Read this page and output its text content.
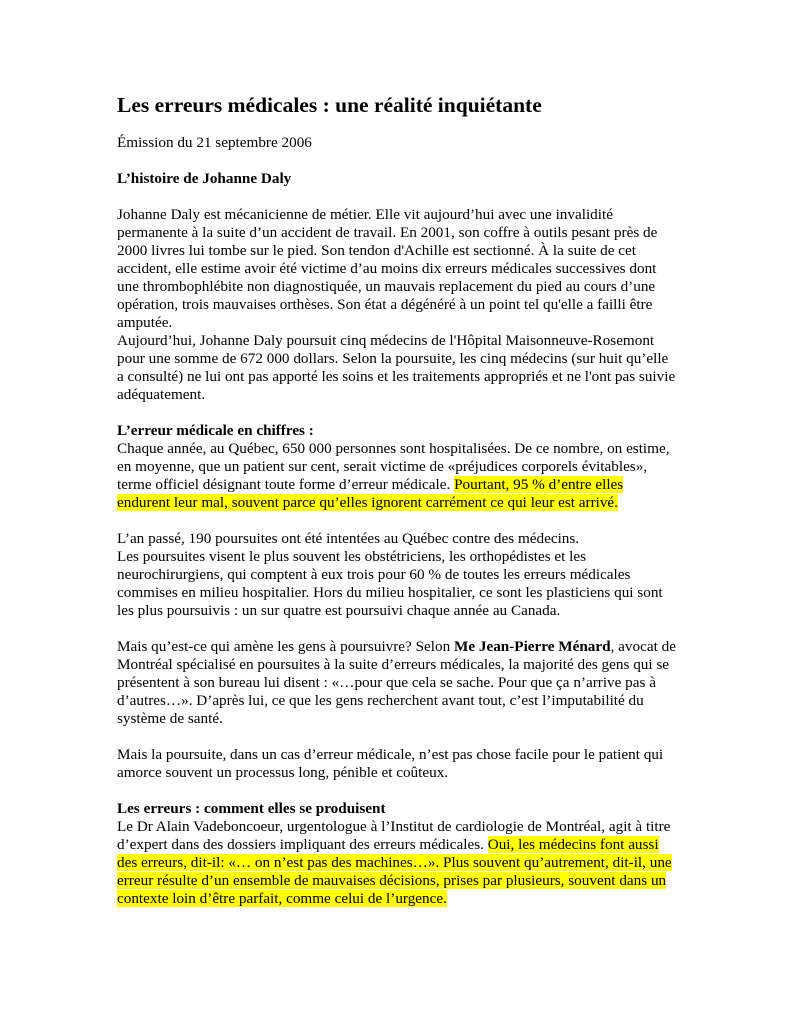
Les erreurs médicales : une réalité inquiétante

Émission du 21 septembre 2006

L’histoire de Johanne Daly

Johanne Daly est mécanicienne de métier. Elle vit aujourd’hui avec une invalidité permanente à la suite d’un accident de travail. En 2001, son coffre à outils pesant près de 2000 livres lui tombe sur le pied. Son tendon d'Achille est sectionné. À la suite de cet accident, elle estime avoir été victime d’au moins dix erreurs médicales successives dont une thrombophlébite non diagnostiquée, un mauvais replacement du pied au cours d’une opération, trois mauvaises orthèses. Son état a dégénéré à un point tel qu'elle a failli être amputée.

Aujourd’hui, Johanne Daly poursuit cinq médecins de l'Hôpital Maisonneuve-Rosemont pour une somme de 672 000 dollars. Selon la poursuite, les cinq médecins (sur huit qu’elle a consulté) ne lui ont pas apporté les soins et les traitements appropriés et ne l'ont pas suivie adéquatement.

L’erreur médicale en chiffres :

Chaque année, au Québec, 650 000 personnes sont hospitalisées. De ce nombre, on estime, en moyenne, que un patient sur cent, serait victime de «préjudices corporels évitables», terme officiel désignant toute forme d’erreur médicale. Pourtant, 95 % d’entre elles endurent leur mal, souvent parce qu’elles ignorent carrément ce qui leur est arrivé.

L’an passé, 190 poursuites ont été intentées au Québec contre des médecins.

Les poursuites visent le plus souvent les obstétriciens, les orthopédistes et les neurochirurgiens, qui comptent à eux trois pour 60 % de toutes les erreurs médicales commises en milieu hospitalier. Hors du milieu hospitalier, ce sont les plasticiens qui sont les plus poursuivis : un sur quatre est poursuivi chaque année au Canada.

Mais qu’est-ce qui amène les gens à poursuivre? Selon Me Jean-Pierre Ménard, avocat de Montréal spécialisé en poursuites à la suite d’erreurs médicales, la majorité des gens qui se présentent à son bureau lui disent : «…pour que cela se sache. Pour que ça n’arrive pas à d’autres…». D’après lui, ce que les gens recherchent avant tout, c’est l’imputabilité du système de santé.

Mais la poursuite, dans un cas d’erreur médicale, n’est pas chose facile pour le patient qui amorce souvent un processus long, pénible et coûteux.

Les erreurs : comment elles se produisent

Le Dr Alain Vadeboncoeur, urgentologue à l’Institut de cardiologie de Montréal, agit à titre d’expert dans des dossiers impliquant des erreurs médicales. Oui, les médecins font aussi des erreurs, dit-il: «… on n’est pas des machines…». Plus souvent qu’autrement, dit-il, une erreur résulte d’un ensemble de mauvaises décisions, prises par plusieurs, souvent dans un contexte loin d’être parfait, comme celui de l’urgence.
